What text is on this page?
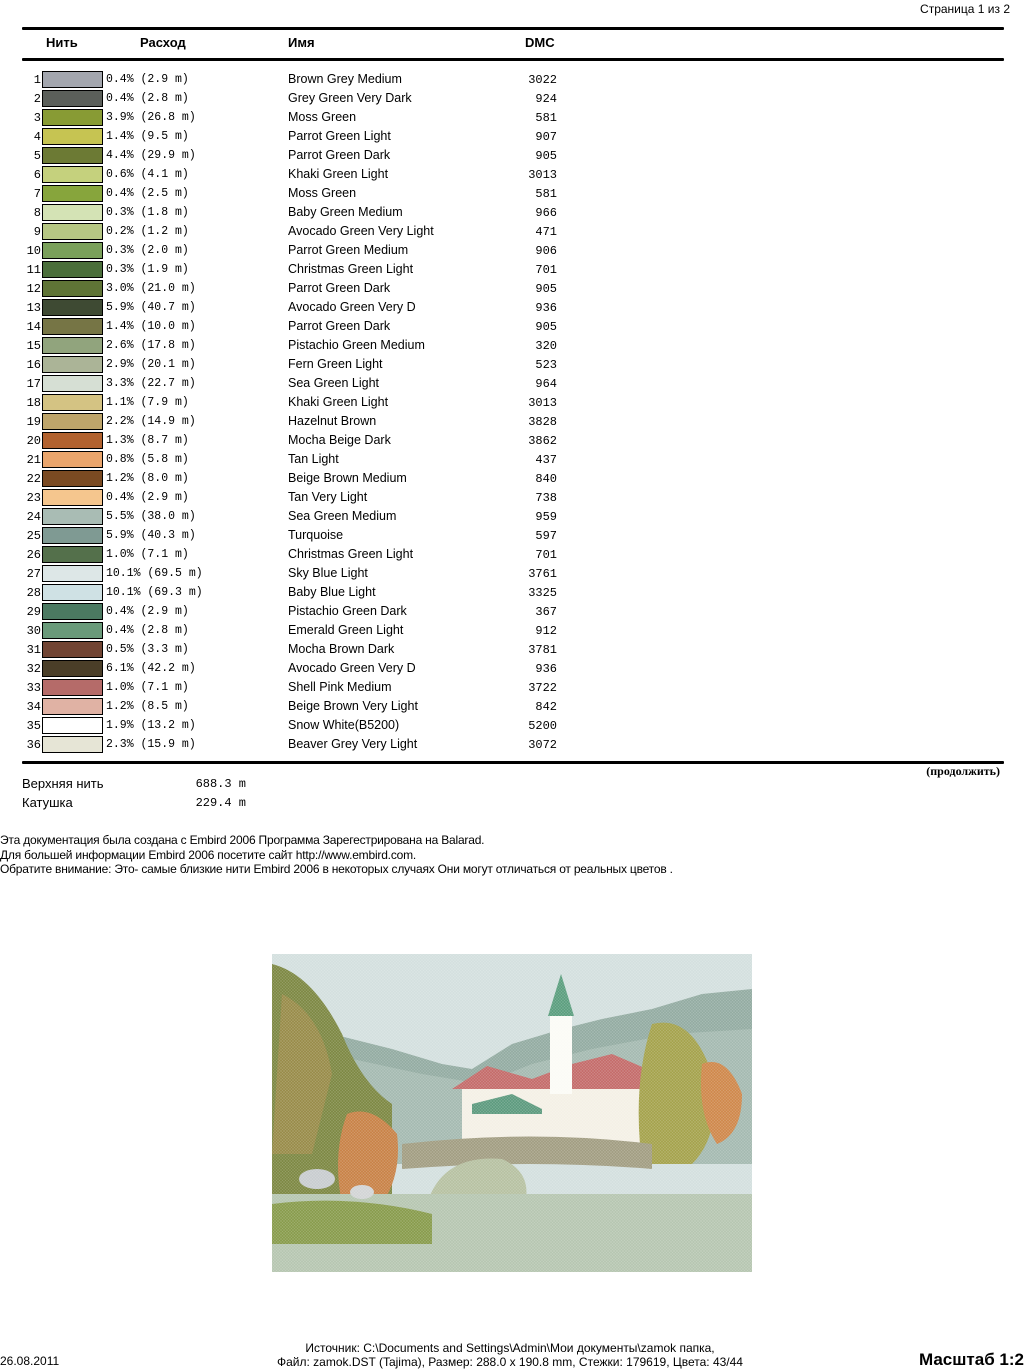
Страница 1 из 2
Нить	Расход	Имя	DMC
1	0.4% (2.9 m)	Brown Grey Medium	3022
2	0.4% (2.8 m)	Grey Green Very Dark	924
3	3.9% (26.8 m)	Moss Green	581
4	1.4% (9.5 m)	Parrot Green Light	907
5	4.4% (29.9 m)	Parrot Green Dark	905
6	0.6% (4.1 m)	Khaki Green Light	3013
7	0.4% (2.5 m)	Moss Green	581
8	0.3% (1.8 m)	Baby Green Medium	966
9	0.2% (1.2 m)	Avocado Green Very Light	471
10	0.3% (2.0 m)	Parrot Green Medium	906
11	0.3% (1.9 m)	Christmas Green Light	701
12	3.0% (21.0 m)	Parrot Green Dark	905
13	5.9% (40.7 m)	Avocado Green Very D	936
14	1.4% (10.0 m)	Parrot Green Dark	905
15	2.6% (17.8 m)	Pistachio Green Medium	320
16	2.9% (20.1 m)	Fern Green Light	523
17	3.3% (22.7 m)	Sea Green Light	964
18	1.1% (7.9 m)	Khaki Green Light	3013
19	2.2% (14.9 m)	Hazelnut Brown	3828
20	1.3% (8.7 m)	Mocha Beige Dark	3862
21	0.8% (5.8 m)	Tan Light	437
22	1.2% (8.0 m)	Beige Brown Medium	840
23	0.4% (2.9 m)	Tan Very Light	738
24	5.5% (38.0 m)	Sea Green Medium	959
25	5.9% (40.3 m)	Turquoise	597
26	1.0% (7.1 m)	Christmas Green Light	701
27	10.1% (69.5 m)	Sky Blue Light	3761
28	10.1% (69.3 m)	Baby Blue Light	3325
29	0.4% (2.9 m)	Pistachio Green Dark	367
30	0.4% (2.8 m)	Emerald Green Light	912
31	0.5% (3.3 m)	Mocha Brown Dark	3781
32	6.1% (42.2 m)	Avocado Green Very D	936
33	1.0% (7.1 m)	Shell Pink Medium	3722
34	1.2% (8.5 m)	Beige Brown Very Light	842
35	1.9% (13.2 m)	Snow White(B5200)	5200
36	2.3% (15.9 m)	Beaver Grey Very Light	3072
(продолжить)
Верхняя нить	688.3 m
Катушка	229.4 m
Эта документация была создана с Embird 2006 Программа Зарегестрирована на Balarad.
Для большей информации Embird 2006 посетите сайт http://www.embird.com.
Обратите внимание: Это- самые близкие нити Embird 2006 в некоторых случаях Они могут отличаться от реальных цветов .
26.08.2011
Источник: C:\Documents and Settings\Admin\Мои документы\zamok папка,
Файл: zamok.DST (Tajima), Размер: 288.0 x 190.8 mm, Стежки: 179619, Цвета: 43/44	Масштаб 1:2
